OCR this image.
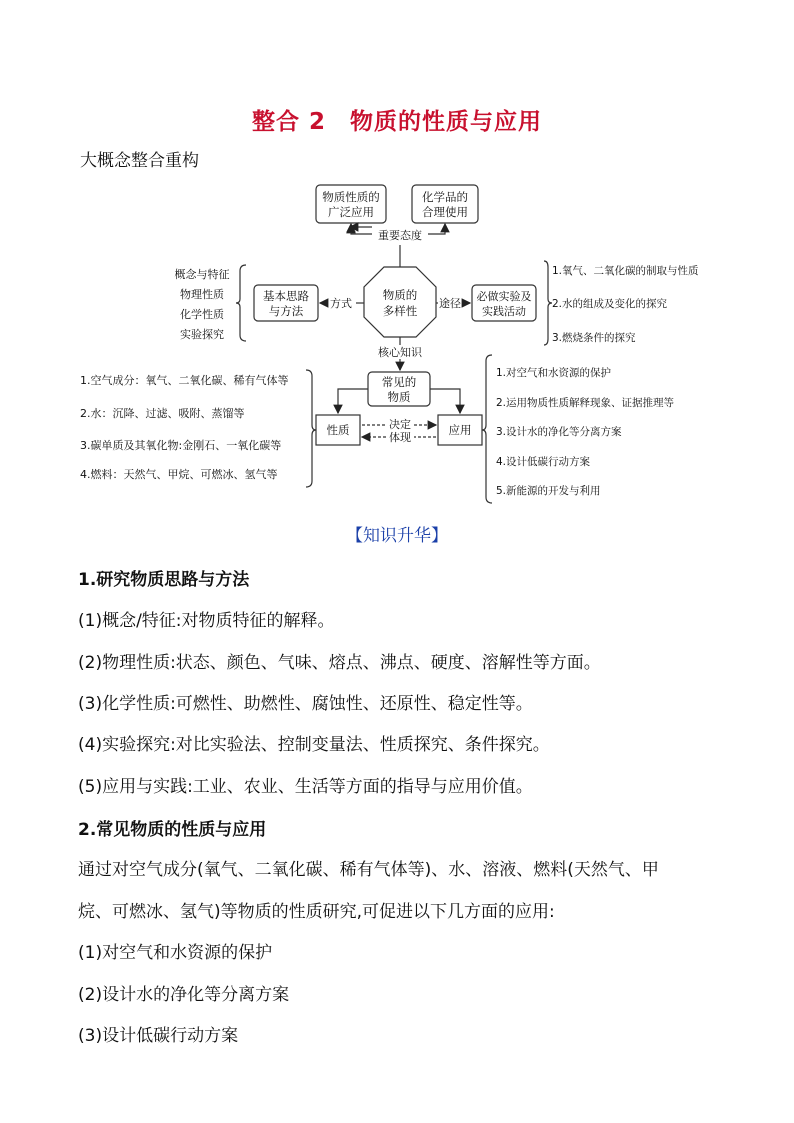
整合 2　物质的性质与应用
大概念整合重构
物质性质的
广泛应用
化学品的
合理使用
重要态度
物质的
多样性
基本思路
与方法
方式
必做实验及
实践活动
途径
概念与特征
物理性质
化学性质
实验探究
1.氧气、二氧化碳的制取与性质
2.水的组成及变化的探究
3.燃烧条件的探究
核心知识
常见的
物质
性质	应用
决定
体现
1.空气成分：氧气、二氧化碳、稀有气体等
2.水：沉降、过滤、吸附、蒸馏等
3.碳单质及其氧化物:金刚石、一氧化碳等
4.燃料：天然气、甲烷、可燃冰、氢气等
1.对空气和水资源的保护
2.运用物质性质解释现象、证据推理等
3.设计水的净化等分离方案
4.设计低碳行动方案
5.新能源的开发与利用
【知识升华】
1.研究物质思路与方法
(1)概念/特征:对物质特征的解释。
(2)物理性质:状态、颜色、气味、熔点、沸点、硬度、溶解性等方面。
(3)化学性质:可燃性、助燃性、腐蚀性、还原性、稳定性等。
(4)实验探究:对比实验法、控制变量法、性质探究、条件探究。
(5)应用与实践:工业、农业、生活等方面的指导与应用价值。
2.常见物质的性质与应用
通过对空气成分(氧气、二氧化碳、稀有气体等)、水、溶液、燃料(天然气、甲
烷、可燃冰、氢气)等物质的性质研究,可促进以下几方面的应用:
(1)对空气和水资源的保护
(2)设计水的净化等分离方案
(3)设计低碳行动方案
